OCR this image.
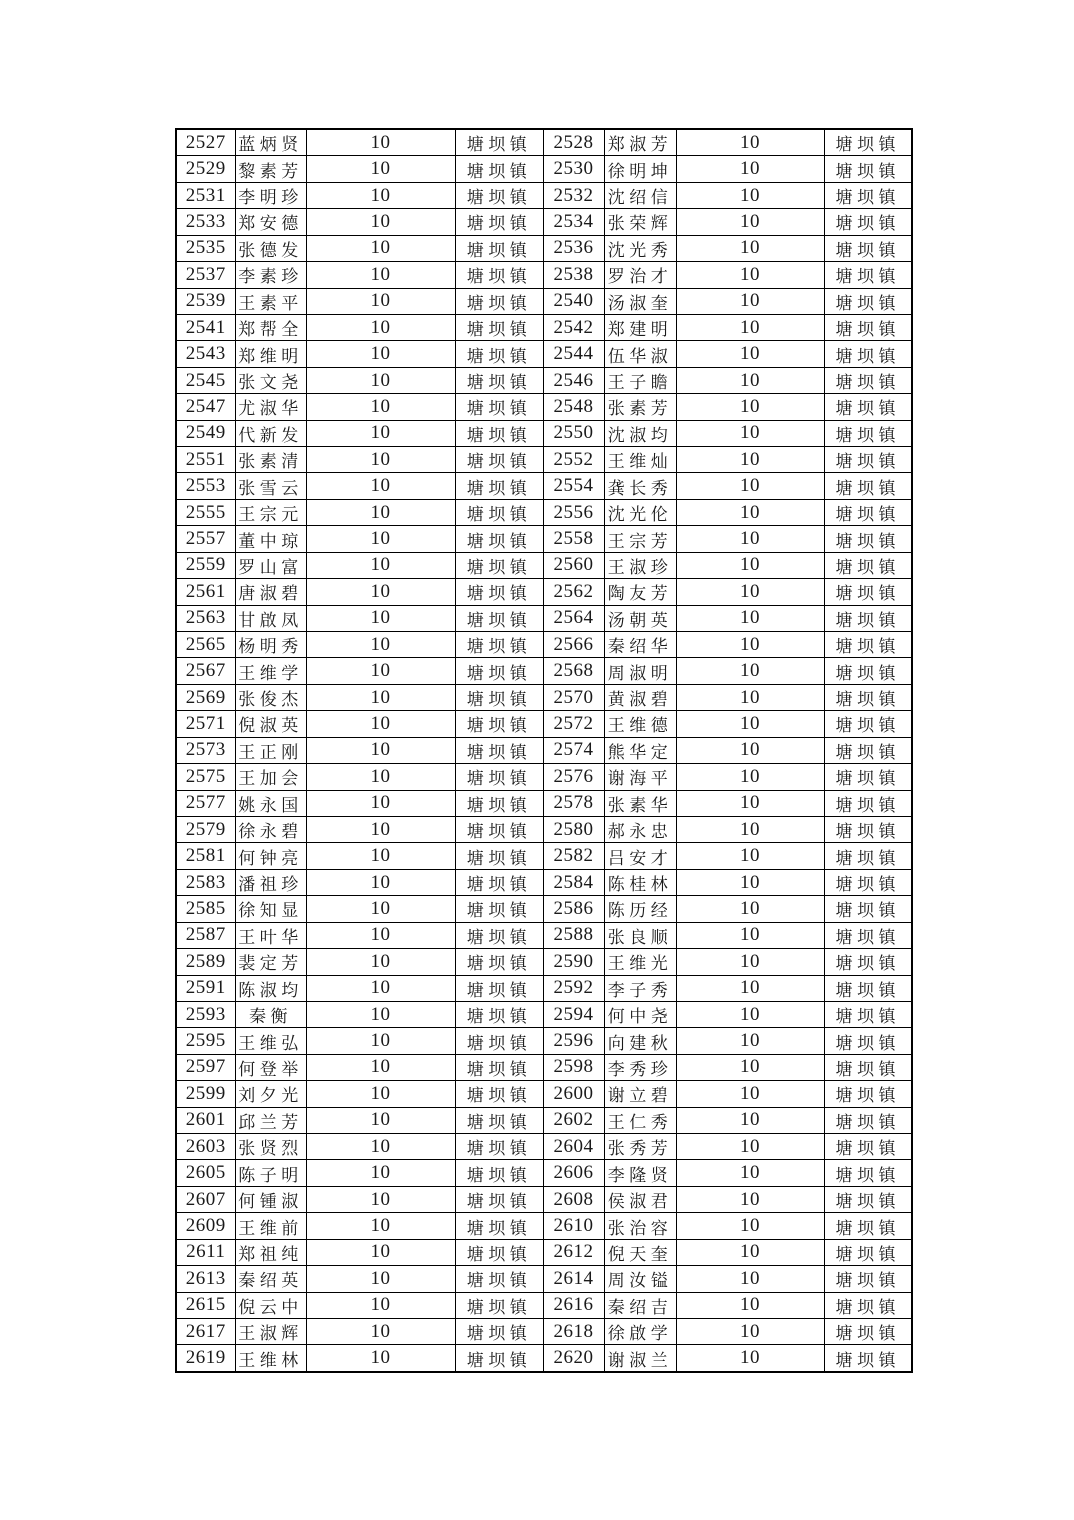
2527	蓝炳贤	10	塘坝镇	2528	郑淑芳	10	塘坝镇
2529	黎素芳	10	塘坝镇	2530	徐明坤	10	塘坝镇
2531	李明珍	10	塘坝镇	2532	沈绍信	10	塘坝镇
2533	郑安德	10	塘坝镇	2534	张荣辉	10	塘坝镇
2535	张德发	10	塘坝镇	2536	沈光秀	10	塘坝镇
2537	李素珍	10	塘坝镇	2538	罗治才	10	塘坝镇
2539	王素平	10	塘坝镇	2540	汤淑奎	10	塘坝镇
2541	郑帮全	10	塘坝镇	2542	郑建明	10	塘坝镇
2543	郑维明	10	塘坝镇	2544	伍华淑	10	塘坝镇
2545	张文尧	10	塘坝镇	2546	王子瞻	10	塘坝镇
2547	尤淑华	10	塘坝镇	2548	张素芳	10	塘坝镇
2549	代新发	10	塘坝镇	2550	沈淑均	10	塘坝镇
2551	张素清	10	塘坝镇	2552	王维灿	10	塘坝镇
2553	张雪云	10	塘坝镇	2554	龚长秀	10	塘坝镇
2555	王宗元	10	塘坝镇	2556	沈光伦	10	塘坝镇
2557	董中琼	10	塘坝镇	2558	王宗芳	10	塘坝镇
2559	罗山富	10	塘坝镇	2560	王淑珍	10	塘坝镇
2561	唐淑碧	10	塘坝镇	2562	陶友芳	10	塘坝镇
2563	甘啟凤	10	塘坝镇	2564	汤朝英	10	塘坝镇
2565	杨明秀	10	塘坝镇	2566	秦绍华	10	塘坝镇
2567	王维学	10	塘坝镇	2568	周淑明	10	塘坝镇
2569	张俊杰	10	塘坝镇	2570	黄淑碧	10	塘坝镇
2571	倪淑英	10	塘坝镇	2572	王维德	10	塘坝镇
2573	王正刚	10	塘坝镇	2574	熊华定	10	塘坝镇
2575	王加会	10	塘坝镇	2576	谢海平	10	塘坝镇
2577	姚永国	10	塘坝镇	2578	张素华	10	塘坝镇
2579	徐永碧	10	塘坝镇	2580	郝永忠	10	塘坝镇
2581	何钟亮	10	塘坝镇	2582	吕安才	10	塘坝镇
2583	潘祖珍	10	塘坝镇	2584	陈桂林	10	塘坝镇
2585	徐知显	10	塘坝镇	2586	陈历经	10	塘坝镇
2587	王叶华	10	塘坝镇	2588	张良顺	10	塘坝镇
2589	裴定芳	10	塘坝镇	2590	王维光	10	塘坝镇
2591	陈淑均	10	塘坝镇	2592	李子秀	10	塘坝镇
2593	秦衡	10	塘坝镇	2594	何中尧	10	塘坝镇
2595	王维弘	10	塘坝镇	2596	向建秋	10	塘坝镇
2597	何登举	10	塘坝镇	2598	李秀珍	10	塘坝镇
2599	刘夕光	10	塘坝镇	2600	谢立碧	10	塘坝镇
2601	邱兰芳	10	塘坝镇	2602	王仁秀	10	塘坝镇
2603	张贤烈	10	塘坝镇	2604	张秀芳	10	塘坝镇
2605	陈子明	10	塘坝镇	2606	李隆贤	10	塘坝镇
2607	何锺淑	10	塘坝镇	2608	侯淑君	10	塘坝镇
2609	王维前	10	塘坝镇	2610	张治容	10	塘坝镇
2611	郑祖纯	10	塘坝镇	2612	倪天奎	10	塘坝镇
2613	秦绍英	10	塘坝镇	2614	周汝镒	10	塘坝镇
2615	倪云中	10	塘坝镇	2616	秦绍吉	10	塘坝镇
2617	王淑辉	10	塘坝镇	2618	徐啟学	10	塘坝镇
2619	王维林	10	塘坝镇	2620	谢淑兰	10	塘坝镇
